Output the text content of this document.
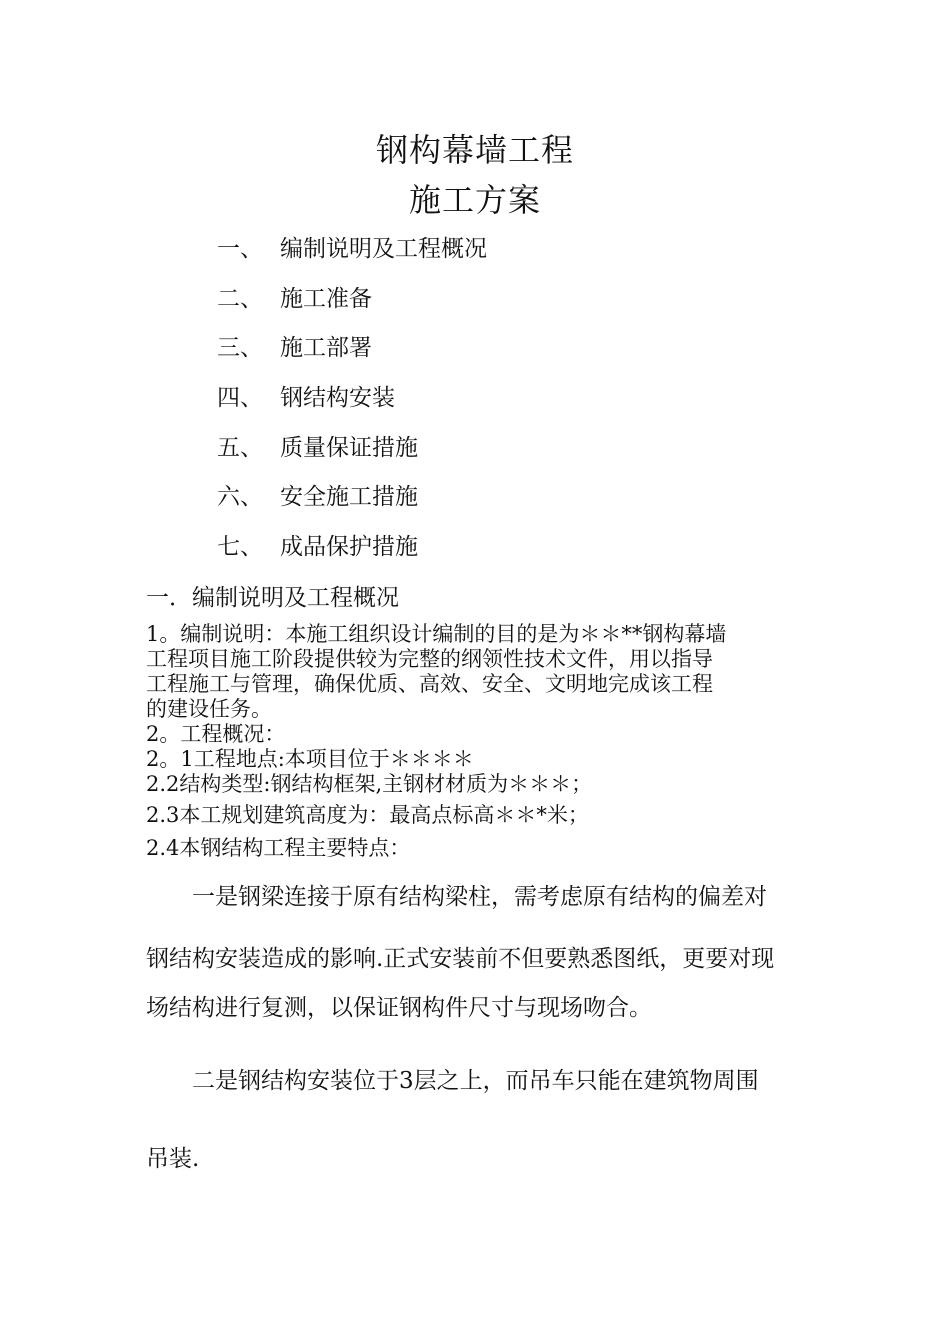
钢构幕墙工程
施工方案
一、 编制说明及工程概况
二、 施工准备
三、 施工部署
四、 钢结构安装
五、 质量保证措施
六、 安全施工措施
七、 成品保护措施
一．编制说明及工程概况

1。编制说明：本施工组织设计编制的目的是为＊＊**钢构幕墙

工程项目施工阶段提供较为完整的纲领性技术文件，用以指导

工程施工与管理，确保优质、高效、安全、文明地完成该工程

的建设任务。

2。工程概况：

2。1工程地点:本项目位于＊＊＊＊

2.2结构类型:钢结构框架,主钢材材质为＊＊＊；

2.3本工规划建筑高度为：最高点标高＊＊*米；

2.4本钢结构工程主要特点：

一是钢梁连接于原有结构梁柱，需考虑原有结构的偏差对
钢结构安装造成的影响.正式安装前不但要熟悉图纸，更要对现
场结构进行复测，以保证钢构件尺寸与现场吻合。
二是钢结构安装位于3层之上，而吊车只能在建筑物周围
吊装.
